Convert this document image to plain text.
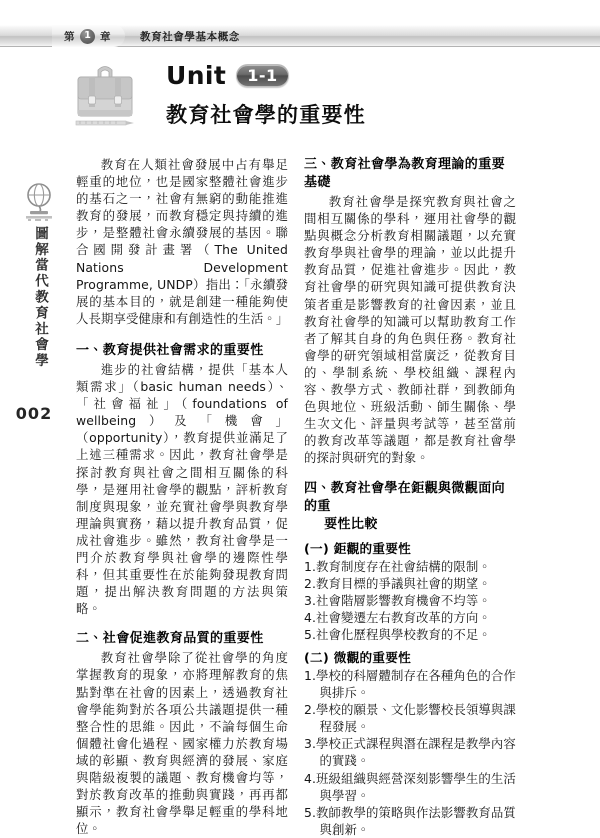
第 1 章	教育社會學基本概念
Unit	1-1
教育社會學的重要性
圖解當代教育社會學
002

教育在人類社會發展中占有舉足輕重的地位，也是國家整體社會進步的基石之一，社會有無窮的動能推進教育的發展，而教育穩定與持續的進步，是整體社會永續發展的基因。聯合國開發計畫署（The United Nations Development Programme, UNDP）指出：「永續發展的基本目的，就是創建一種能夠使人長期享受健康和有創造性的生活。」

一、教育提供社會需求的重要性

進步的社會結構，提供「基本人類需求」（basic human needs）、「社會福祉」（foundations of wellbeing）及「機會」（opportunity），教育提供並滿足了上述三種需求。因此，教育社會學是探討教育與社會之間相互關係的科學，是運用社會學的觀點，評析教育制度與現象，並充實社會學與教育學理論與實務，藉以提升教育品質，促成社會進步。雖然，教育社會學是一門介於教育學與社會學的邊際性學科，但其重要性在於能夠發現教育問題，提出解決教育問題的方法與策略。

二、社會促進教育品質的重要性

教育社會學除了從社會學的角度掌握教育的現象，亦將理解教育的焦點對準在社會的因素上，透過教育社會學能夠對於各項公共議題提供一種整合性的思維。因此，不論每個生命個體社會化過程、國家權力於教育場域的彰顯、教育與經濟的發展、家庭與階級複製的議題、教育機會均等，對於教育改革的推動與實踐，再再都顯示，教育社會學舉足輕重的學科地位。

三、教育社會學為教育理論的重要基礎

教育社會學是探究教育與社會之間相互關係的學科，運用社會學的觀點與概念分析教育相關議題，以充實教育學與社會學的理論，並以此提升教育品質，促進社會進步。因此，教育社會學的研究與知識可提供教育決策者重是影響教育的社會因素，並且教育社會學的知識可以幫助教育工作者了解其自身的角色與任務。教育社會學的研究領域相當廣泛，從教育目的、學制系統、學校組織、課程內容、教學方式、教師社群，到教師角色與地位、班級活動、師生關係、學生次文化、評量與考試等，甚至當前的教育改革等議題，都是教育社會學的探討與研究的對象。

四、教育社會學在鉅觀與微觀面向的重
要性比較
(一) 鉅觀的重要性
1.教育制度存在社會結構的限制。
2.教育目標的爭議與社會的期望。
3.社會階層影響教育機會不均等。
4.社會變遷左右教育改革的方向。
5.社會化歷程與學校教育的不足。
(二) 微觀的重要性
1.學校的科層體制存在各種角色的合作與排斥。
2.學校的願景、文化影響校長領導與課程發展。
3.學校正式課程與潛在課程是教學內容的實踐。
4.班級組織與經營深刻影響學生的生活與學習。
5.教師教學的策略與作法影響教育品質與創新。
